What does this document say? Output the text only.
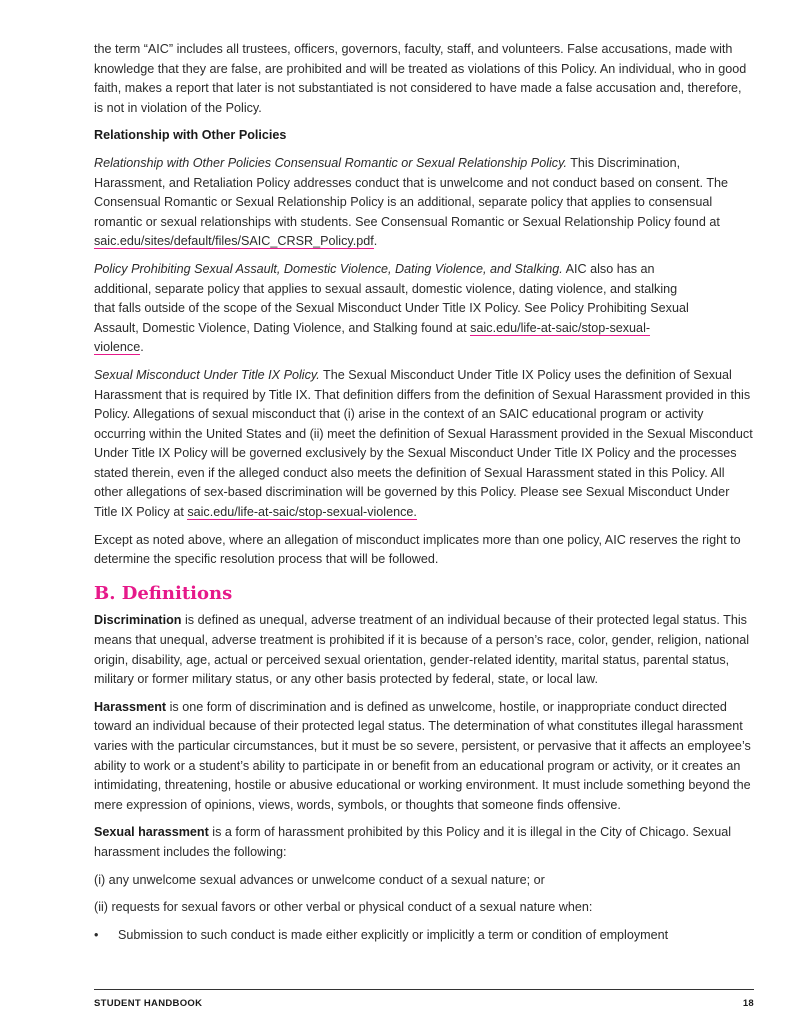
the term “AIC” includes all trustees, officers, governors, faculty, staff, and volunteers. False accusations, made with knowledge that they are false, are prohibited and will be treated as violations of this Policy. An individual, who in good faith, makes a report that later is not substantiated is not considered to have made a false accusation and, therefore, is not in violation of the Policy.

Relationship with Other Policies

Relationship with Other Policies Consensual Romantic or Sexual Relationship Policy. This Discrimination, Harassment, and Retaliation Policy addresses conduct that is unwelcome and not conduct based on consent. The Consensual Romantic or Sexual Relationship Policy is an additional, separate policy that applies to consensual romantic or sexual relationships with students. See Consensual Romantic or Sexual Relationship Policy found at saic.edu/sites/default/files/SAIC_CRSR_Policy.pdf.

Policy Prohibiting Sexual Assault, Domestic Violence, Dating Violence, and Stalking. AIC also has an additional, separate policy that applies to sexual assault, domestic violence, dating violence, and stalking that falls outside of the scope of the Sexual Misconduct Under Title IX Policy. See Policy Prohibiting Sexual Assault, Domestic Violence, Dating Violence, and Stalking found at saic.edu/life-at-saic/stop-sexual-violence.

Sexual Misconduct Under Title IX Policy. The Sexual Misconduct Under Title IX Policy uses the definition of Sexual Harassment that is required by Title IX. That definition differs from the definition of Sexual Harassment provided in this Policy. Allegations of sexual misconduct that (i) arise in the context of an SAIC educational program or activity occurring within the United States and (ii) meet the definition of Sexual Harassment provided in the Sexual Misconduct Under Title IX Policy will be governed exclusively by the Sexual Misconduct Under Title IX Policy and the processes stated therein, even if the alleged conduct also meets the definition of Sexual Harassment stated in this Policy. All other allegations of sex-based discrimination will be governed by this Policy. Please see Sexual Misconduct Under Title IX Policy at saic.edu/life-at-saic/stop-sexual-violence.

Except as noted above, where an allegation of misconduct implicates more than one policy, AIC reserves the right to determine the specific resolution process that will be followed.

B. Definitions

Discrimination is defined as unequal, adverse treatment of an individual because of their protected legal status. This means that unequal, adverse treatment is prohibited if it is because of a person’s race, color, gender, religion, national origin, disability, age, actual or perceived sexual orientation, gender-related identity, marital status, parental status, military or former military status, or any other basis protected by federal, state, or local law.

Harassment is one form of discrimination and is defined as unwelcome, hostile, or inappropriate conduct directed toward an individual because of their protected legal status. The determination of what constitutes illegal harassment varies with the particular circumstances, but it must be so severe, persistent, or pervasive that it affects an employee’s ability to work or a student’s ability to participate in or benefit from an educational program or activity, or it creates an intimidating, threatening, hostile or abusive educational or working environment. It must include something beyond the mere expression of opinions, views, words, symbols, or thoughts that someone finds offensive.

Sexual harassment is a form of harassment prohibited by this Policy and it is illegal in the City of Chicago. Sexual harassment includes the following:

(i) any unwelcome sexual advances or unwelcome conduct of a sexual nature; or

(ii) requests for sexual favors or other verbal or physical conduct of a sexual nature when:

•	Submission to such conduct is made either explicitly or implicitly a term or condition of employment
STUDENT HANDBOOK	18
